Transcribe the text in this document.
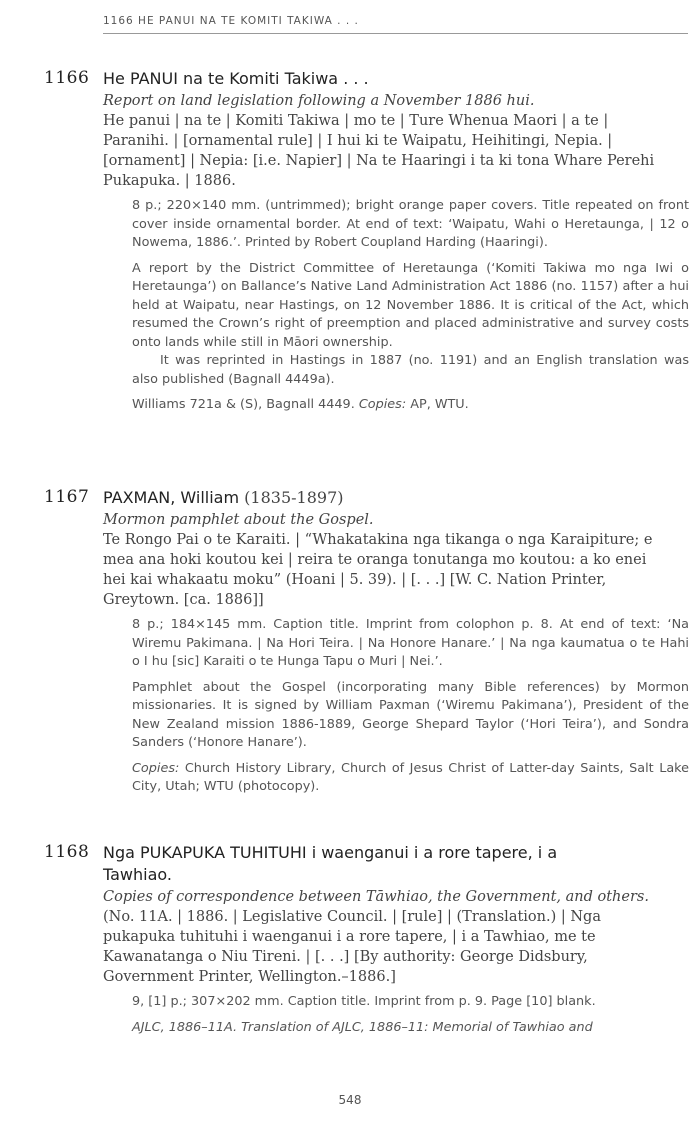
1166 HE PANUI NA TE KOMITI TAKIWA . . .
1166 He PANUI na te Komiti Takiwa . . .

Report on land legislation following a November 1886 hui.

He panui | na te | Komiti Takiwa | mo te | Ture Whenua Maori | a te |
Paranihi. | [ornamental rule] | I hui ki te Waipatu, Heihitingi, Nepia. |
[ornament] | Nepia: [i.e. Napier] | Na te Haaringi i ta ki tona Whare Perehi
Pukapuka. | 1886.

8 p.; 220×140 mm. (untrimmed); bright orange paper covers. Title repeated on front cover inside ornamental border. At end of text: ‘Waipatu, Wahi o Heretaunga, | 12 o Nowema, 1886.’. Printed by Robert Coupland Harding (Haaringi).

A report by the District Committee of Heretaunga (‘Komiti Takiwa mo nga Iwi o Heretaunga’) on Ballance’s Native Land Administration Act 1886 (no. 1157) after a hui held at Waipatu, near Hastings, on 12 November 1886. It is critical of the Act, which resumed the Crown’s right of preemption and placed administrative and survey costs onto lands while still in Māori ownership.

It was reprinted in Hastings in 1887 (no. 1191) and an English translation was also published (Bagnall 4449a).

Williams 721a & (S), Bagnall 4449. Copies: AP, WTU.
1167 PAXMAN, William (1835-1897)

Mormon pamphlet about the Gospel.

Te Rongo Pai o te Karaiti. | “Whakatakina nga tikanga o nga Karaipiture; e
mea ana hoki koutou kei | reira te oranga tonutanga mo koutou: a ko enei
hei kai whakaatu moku” (Hoani | 5. 39). | [. . .] [W. C. Nation Printer,
Greytown. [ca. 1886]]

8 p.; 184×145 mm. Caption title. Imprint from colophon p. 8. At end of text: ‘Na Wiremu Pakimana. | Na Hori Teira. | Na Honore Hanare.’ | Na nga kaumatua o te Hahi o I hu [sic] Karaiti o te Hunga Tapu o Muri | Nei.’.
Pamphlet about the Gospel (incorporating many Bible references) by Mormon missionaries. It is signed by William Paxman (‘Wiremu Pakimana’), President of the New Zealand mission 1886-1889, George Shepard Taylor (‘Hori Teira’), and Sondra Sanders (‘Honore Hanare’).
Copies: Church History Library, Church of Jesus Christ of Latter-day Saints, Salt Lake City, Utah; WTU (photocopy).
1168 Nga PUKAPUKA TUHITUHI i waenganui i a rore tapere, i a
Tawhiao.

Copies of correspondence between Tāwhiao, the Government, and others.

(No. 11A. | 1886. | Legislative Council. | [rule] | (Translation.) | Nga
pukapuka tuhituhi i waenganui i a rore tapere, | i a Tawhiao, me te
Kawanatanga o Niu Tireni. | [. . .] [By authority: George Didsbury,
Government Printer, Wellington.–1886.]

9, [1] p.; 307×202 mm. Caption title. Imprint from p. 9. Page [10] blank.
AJLC, 1886–11A. Translation of AJLC, 1886–11: Memorial of Tawhiao and
548
